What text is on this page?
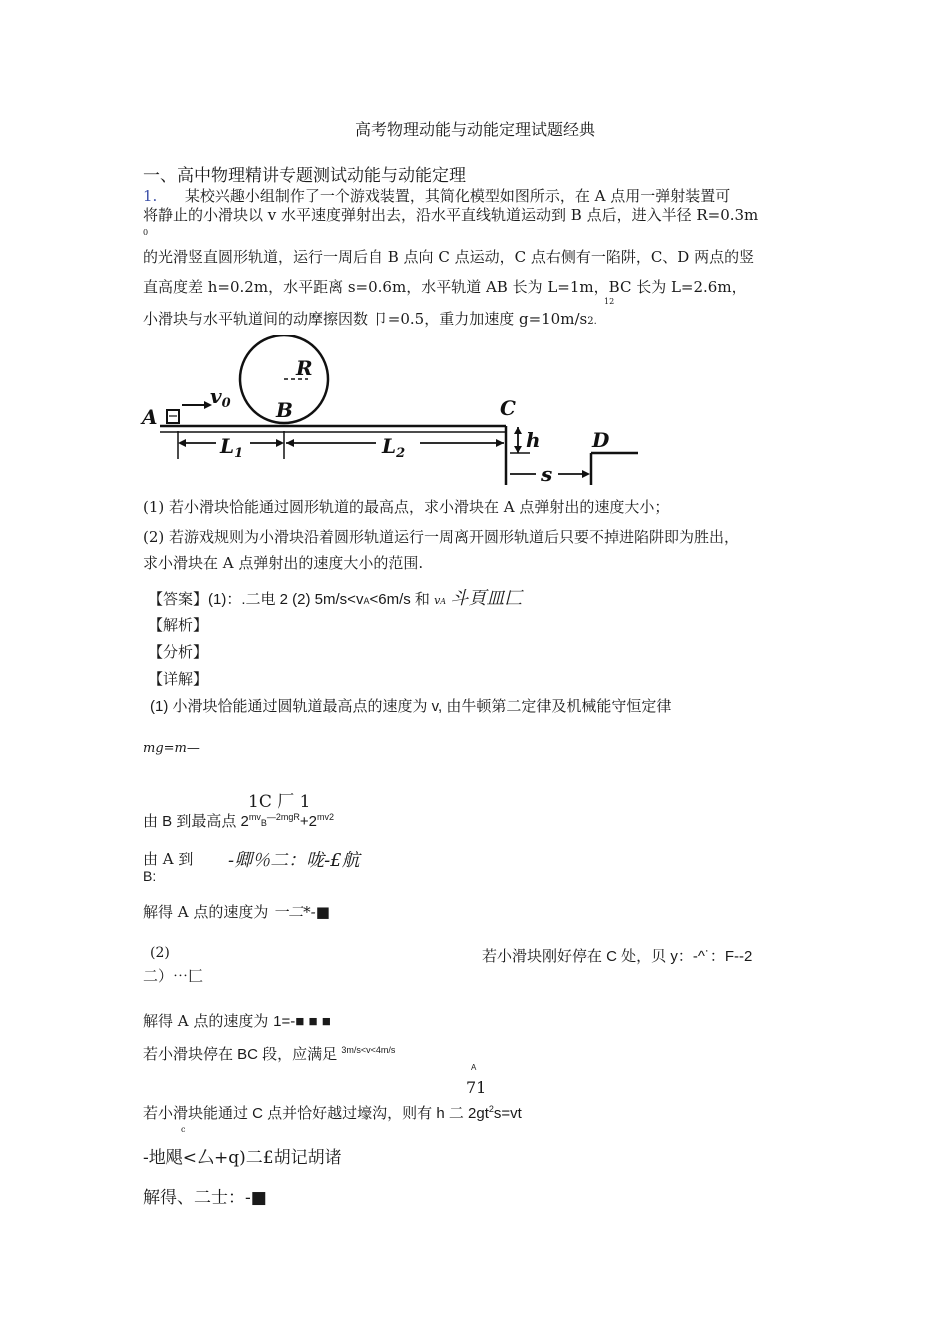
高考物理动能与动能定理试题经典
一、高中物理精讲专题测试动能与动能定理
1. 某校兴趣小组制作了一个游戏装置，其简化模型如图所示，在 A 点用一弹射装置可
将静止的小滑块以 v 水平速度弹射出去，沿水平直线轨道运动到 B 点后，进入半径 R=0.3m
0
的光滑竖直圆形轨道，运行一周后自 B 点向 C 点运动，C 点右侧有一陷阱，C、D 两点的竖
直高度差 h=0.2m，水平距离 s=0.6m，水平轨道 AB 长为 L=1m，BC 长为 L=2.6m，
12
小滑块与水平轨道间的动摩擦因数 卩=0.5，重力加速度 g=10m/s2.
A
$v_0$ B
R
C
h	D
$L_1$	$L_2$
s
(1) 若小滑块恰能通过圆形轨道的最高点，求小滑块在 A 点弹射出的速度大小；
(2) 若游戏规则为小滑块沿着圆形轨道运行一周离开圆形轨道后只要不掉进陷阱即为胜出，
求小滑块在 A 点弹射出的速度大小的范围.
【答案】(1)：.二电 2 (2) 5m/s<vA<6m/s 和 vA 斗頁皿匚
【解析】
【分析】
【详解】
(1) 小滑块恰能通过圆轨道最高点的速度为 v, 由牛顿第二定律及机械能守恒定律
mg=m—
1C 厂 1
由 B 到最高点 $2^{mv}B^{—2mgR}+2^{mv2}$
由 A 到
B:
-卿％二：咙-£航
解得 A 点的速度为 一二*-■
(2)	若小滑块刚好停在 C 处，贝 y：-^˙：F--2
二）⋯匚
解得 A 点的速度为 1=-■ ■ ■
若小滑块停在 BC 段，应满足 $^{3m/s<v<4m/s}$
A
71
若小滑块能通过 C 点并恰好越过壕沟，则有 h 二 $2gt^2s=vt$
c
-地飓<厶+q)二£胡记胡诸
解得、二士：-■
